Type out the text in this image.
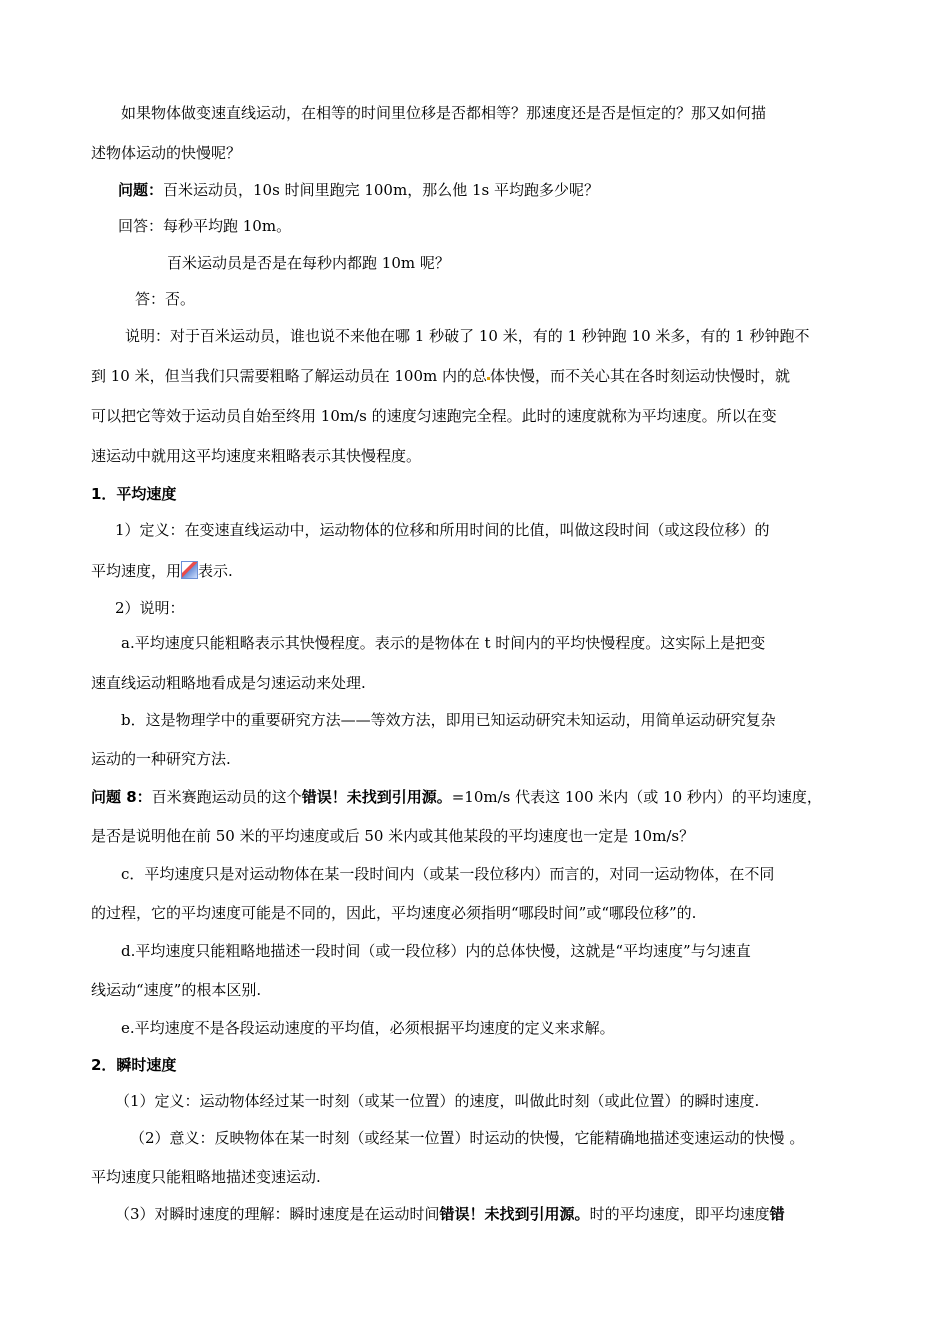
如果物体做变速直线运动，在相等的时间里位移是否都相等？那速度还是否是恒定的？那又如何描
述物体运动的快慢呢？
问题：百米运动员，10s 时间里跑完 100m，那么他 1s 平均跑多少呢？
回答：每秒平均跑 10m。
百米运动员是否是在每秒内都跑 10m 呢？
答：否。
说明：对于百米运动员，谁也说不来他在哪 1 秒破了 10 米，有的 1 秒钟跑 10 米多，有的 1 秒钟跑不
到 10 米，但当我们只需要粗略了解运动员在 100m 内的总 体快慢，而不关心其在各时刻运动快慢时，就
可以把它等效于运动员自始至终用 10m/s 的速度匀速跑完全程。此时的速度就称为平均速度。所以在变
速运动中就用这平均速度来粗略表示其快慢程度。
1．平均速度
1）定义：在变速直线运动中，运动物体的位移和所用时间的比值，叫做这段时间（或这段位移）的
平均速度，用 表示.
2）说明：
a.平均速度只能粗略表示其快慢程度。表示的是物体在 t 时间内的平均快慢程度。这实际上是把变
速直线运动粗略地看成是匀速运动来处理.
b．这是物理学中的重要研究方法——等效方法，即用已知运动研究未知运动，用简单运动研究复杂
运动的一种研究方法.
问题 8：百米赛跑运动员的这个错误！未找到引用源。=10m/s 代表这 100 米内（或 10 秒内）的平均速度，
是否是说明他在前 50 米的平均速度或后 50 米内或其他某段的平均速度也一定是 10m/s？
c．平均速度只是对运动物体在某一段时间内（或某一段位移内）而言的，对同一运动物体，在不同
的过程，它的平均速度可能是不同的，因此，平均速度必须指明“哪段时间”或“哪段位移”的.
d.平均速度只能粗略地描述一段时间（或一段位移）内的总体快慢，这就是“平均速度”与匀速直
线运动“速度”的根本区别.
e.平均速度不是各段运动速度的平均值，必须根据平均速度的定义来求解。
2．瞬时速度
（1）定义：运动物体经过某一时刻（或某一位置）的速度，叫做此时刻（或此位置）的瞬时速度.
（2）意义：反映物体在某一时刻（或经某一位置）时运动的快慢，它能精确地描述变速运动的快慢 。
平均速度只能粗略地描述变速运动.
（3）对瞬时速度的理解：瞬时速度是在运动时间错误！未找到引用源。时的平均速度，即平均速度错
